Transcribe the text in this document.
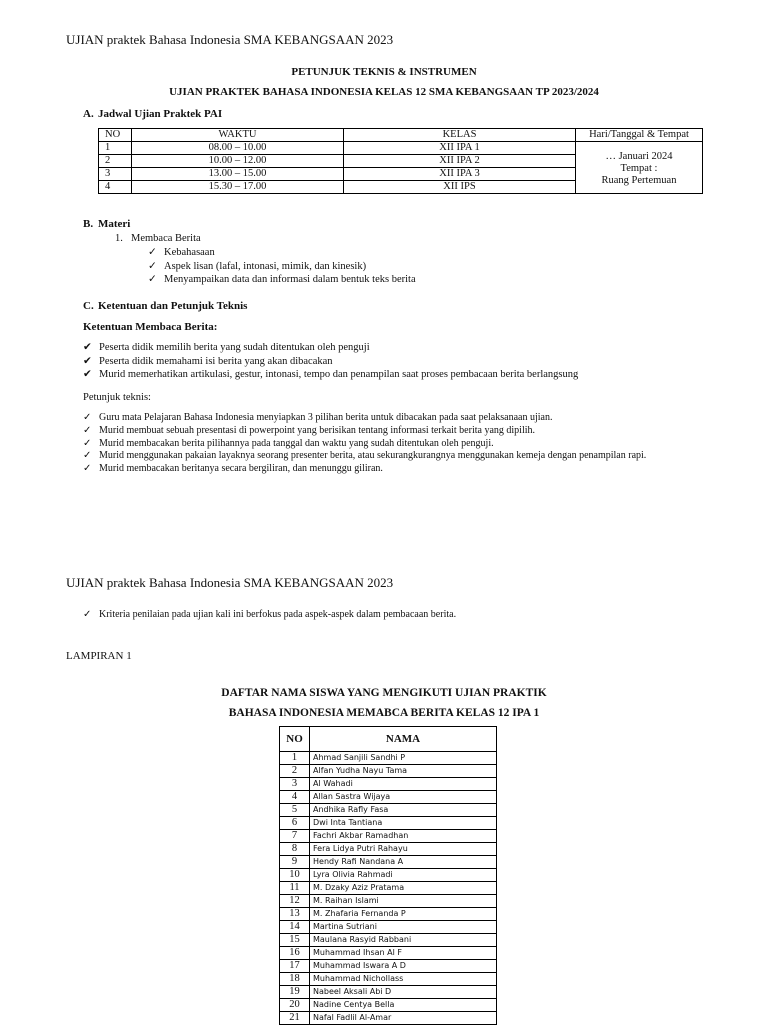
UJIAN praktek Bahasa Indonesia SMA KEBANGSAAN 2023
PETUNJUK TEKNIS & INSTRUMEN
UJIAN PRAKTEK BAHASA INDONESIA KELAS 12 SMA KEBANGSAAN TP 2023/2024
A. Jadwal Ujian Praktek PAI
NO	WAKTU	KELAS	Hari/Tanggal & Tempat
1	08.00 – 10.00	XII IPA 1	… Januari 2024
Tempat :
Ruang Pertemuan

2	10.00 – 12.00	XII IPA 2	
3	13.00 – 15.00	XII IPA 3	
4	15.30 – 17.00	XII IPS	
B. Materi
1. Membaca Berita
✓ Kebahasaan
✓ Aspek lisan (lafal, intonasi, mimik, dan kinesik)
✓ Menyampaikan data dan informasi dalam bentuk teks berita
C. Ketentuan dan Petunjuk Teknis
Ketentuan Membaca Berita:
✔ Peserta didik memilih berita yang sudah ditentukan oleh penguji
✔ Peserta didik memahami isi berita yang akan dibacakan
✔ Murid memerhatikan artikulasi, gestur, intonasi, tempo dan penampilan saat proses pembacaan berita berlangsung
Petunjuk teknis:
✓ Guru mata Pelajaran Bahasa Indonesia menyiapkan 3 pilihan berita untuk dibacakan pada saat pelaksanaan ujian.
✓ Murid membuat sebuah presentasi di powerpoint yang berisikan tentang informasi terkait berita yang dipilih.
✓ Murid membacakan berita pilihannya pada tanggal dan waktu yang sudah ditentukan oleh penguji.
✓ Murid menggunakan pakaian layaknya seorang presenter berita, atau sekurangkurangnya menggunakan kemeja dengan penampilan rapi.
✓ Murid membacakan beritanya secara bergiliran, dan menunggu giliran.
UJIAN praktek Bahasa Indonesia SMA KEBANGSAAN 2023
✓ Kriteria penilaian pada ujian kali ini berfokus pada aspek-aspek dalam pembacaan berita.
LAMPIRAN 1
DAFTAR NAMA SISWA YANG MENGIKUTI UJIAN PRAKTIK
BAHASA INDONESIA MEMABCA BERITA KELAS 12 IPA 1
NO	NAMA
1	Ahmad Sanjili Sandhi P
2	Alfan Yudha Nayu Tama
3	Al Wahadi
4	Allan Sastra Wijaya
5	Andhika Rafly Fasa
6	Dwi Inta Tantiana
7	Fachri Akbar Ramadhan
8	Fera Lidya Putri Rahayu
9	Hendy Rafi Nandana A
10	Lyra Olivia Rahmadi
11	M. Dzaky Aziz Pratama
12	M. Raihan Islami
13	M. Zhafaria Fernanda P
14	Martina Sutriani
15	Maulana Rasyid Rabbani
16	Muhammad Ihsan Al F
17	Muhammad Iswara A D
18	Muhammad Nichollass
19	Nabeel Aksali Abi D
20	Nadine Centya Bella
21	Nafal Fadlil Al-Amar
